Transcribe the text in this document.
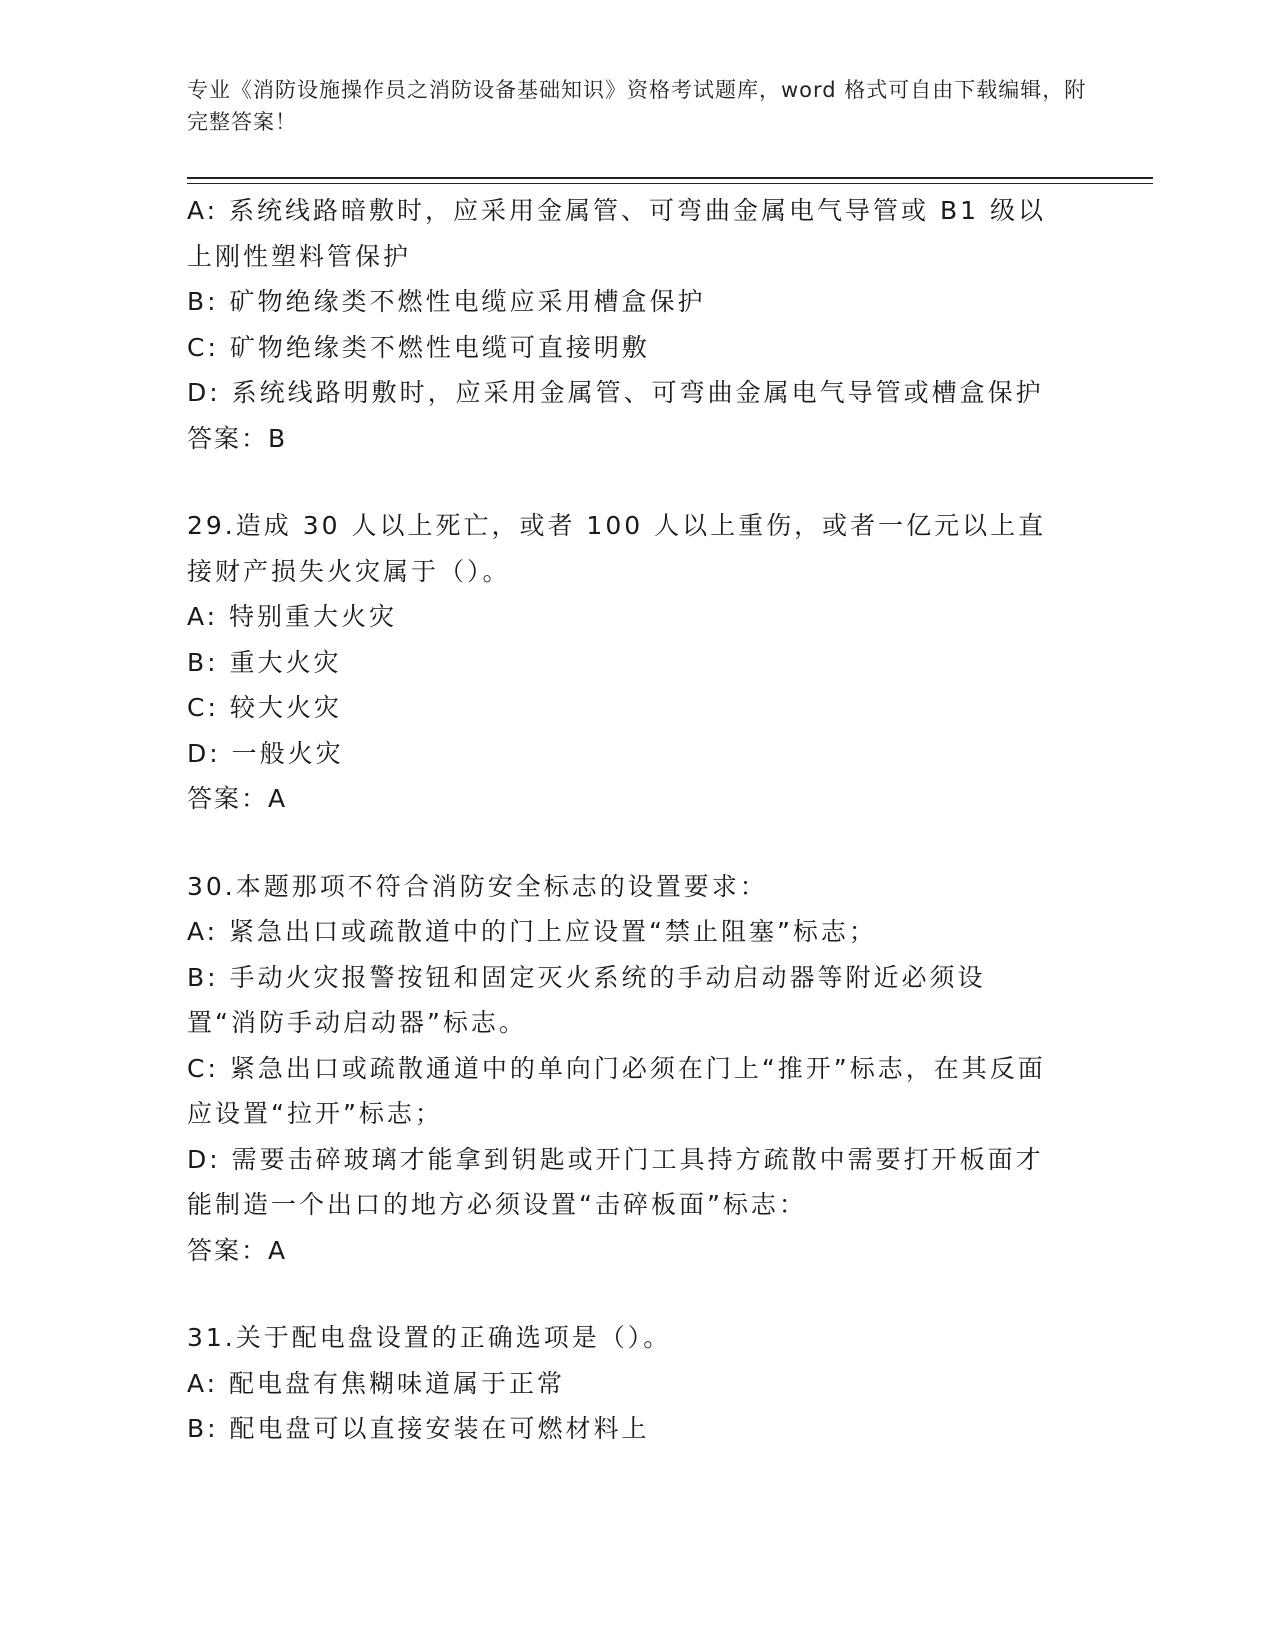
专业《消防设施操作员之消防设备基础知识》资格考试题库，word 格式可自由下载编辑，附完整答案！
A: 系统线路暗敷时，应采用金属管、可弯曲金属电气导管或 B1 级以上刚性塑料管保护
B: 矿物绝缘类不燃性电缆应采用槽盒保护
C: 矿物绝缘类不燃性电缆可直接明敷
D: 系统线路明敷时，应采用金属管、可弯曲金属电气导管或槽盒保护
答案：B
29.造成 30 人以上死亡，或者 100 人以上重伤，或者一亿元以上直接财产损失火灾属于（）。
A: 特别重大火灾
B: 重大火灾
C: 较大火灾
D: 一般火灾
答案：A
30.本题那项不符合消防安全标志的设置要求：
A: 紧急出口或疏散道中的门上应设置“禁止阻塞”标志；
B: 手动火灾报警按钮和固定灭火系统的手动启动器等附近必须设置“消防手动启动器”标志。
C: 紧急出口或疏散通道中的单向门必须在门上“推开”标志，在其反面应设置“拉开”标志；
D: 需要击碎玻璃才能拿到钥匙或开门工具持方疏散中需要打开板面才能制造一个出口的地方必须设置“击碎板面”标志：
答案：A
31.关于配电盘设置的正确选项是（）。
A: 配电盘有焦糊味道属于正常
B: 配电盘可以直接安装在可燃材料上
